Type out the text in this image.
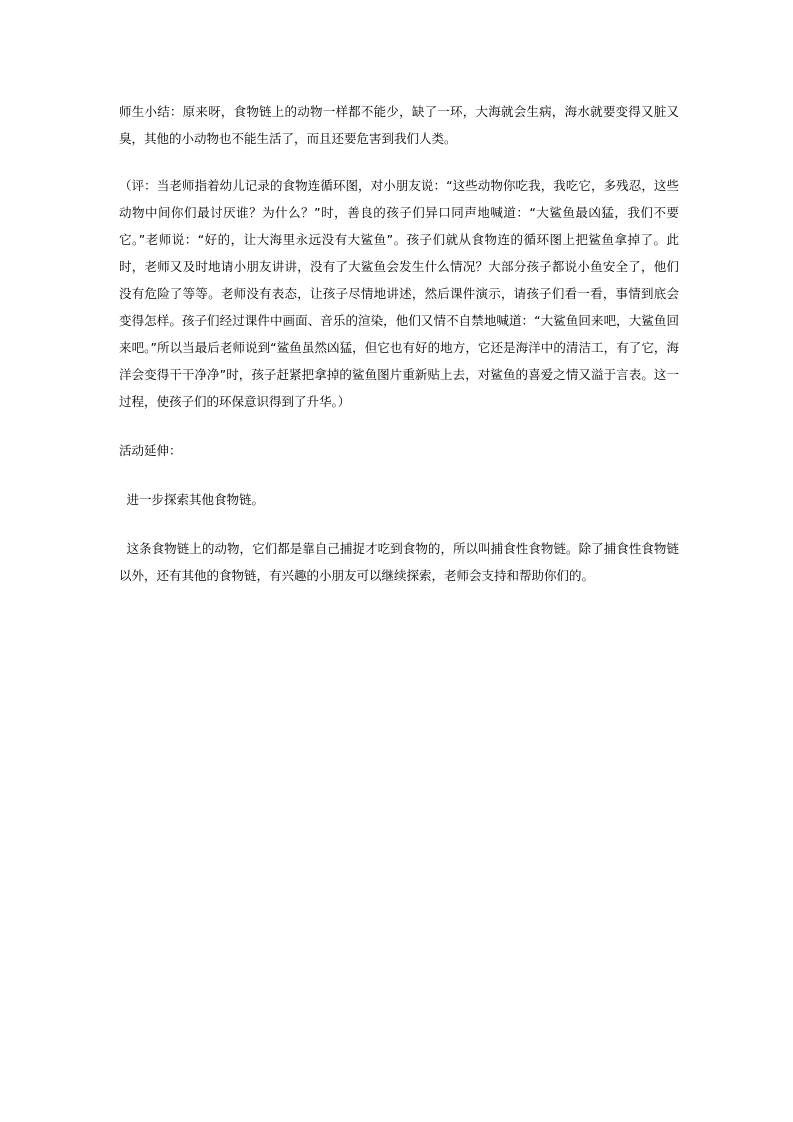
师生小结：原来呀，食物链上的动物一样都不能少，缺了一环，大海就会生病，海水就要变得又脏又臭，其他的小动物也不能生活了，而且还要危害到我们人类。

（评：当老师指着幼儿记录的食物连循环图，对小朋友说：“这些动物你吃我，我吃它，多残忍，这些动物中间你们最讨厌谁？为什么？”时，善良的孩子们异口同声地喊道：“大鲨鱼最凶猛，我们不要它。”老师说：“好的，让大海里永远没有大鲨鱼”。孩子们就从食物连的循环图上把鲨鱼拿掉了。此时，老师又及时地请小朋友讲讲，没有了大鲨鱼会发生什么情况？大部分孩子都说小鱼安全了，他们没有危险了等等。老师没有表态，让孩子尽情地讲述，然后课件演示，请孩子们看一看，事情到底会变得怎样。孩子们经过课件中画面、音乐的渲染，他们又情不自禁地喊道：“大鲨鱼回来吧，大鲨鱼回来吧。”所以当最后老师说到“鲨鱼虽然凶猛，但它也有好的地方，它还是海洋中的清洁工，有了它，海洋会变得干干净净”时，孩子赶紧把拿掉的鲨鱼图片重新贴上去，对鲨鱼的喜爱之情又溢于言表。这一过程，使孩子们的环保意识得到了升华。）

活动延伸：

进一步探索其他食物链。

这条食物链上的动物，它们都是靠自己捕捉才吃到食物的，所以叫捕食性食物链。除了捕食性食物链以外，还有其他的食物链，有兴趣的小朋友可以继续探索，老师会支持和帮助你们的。
